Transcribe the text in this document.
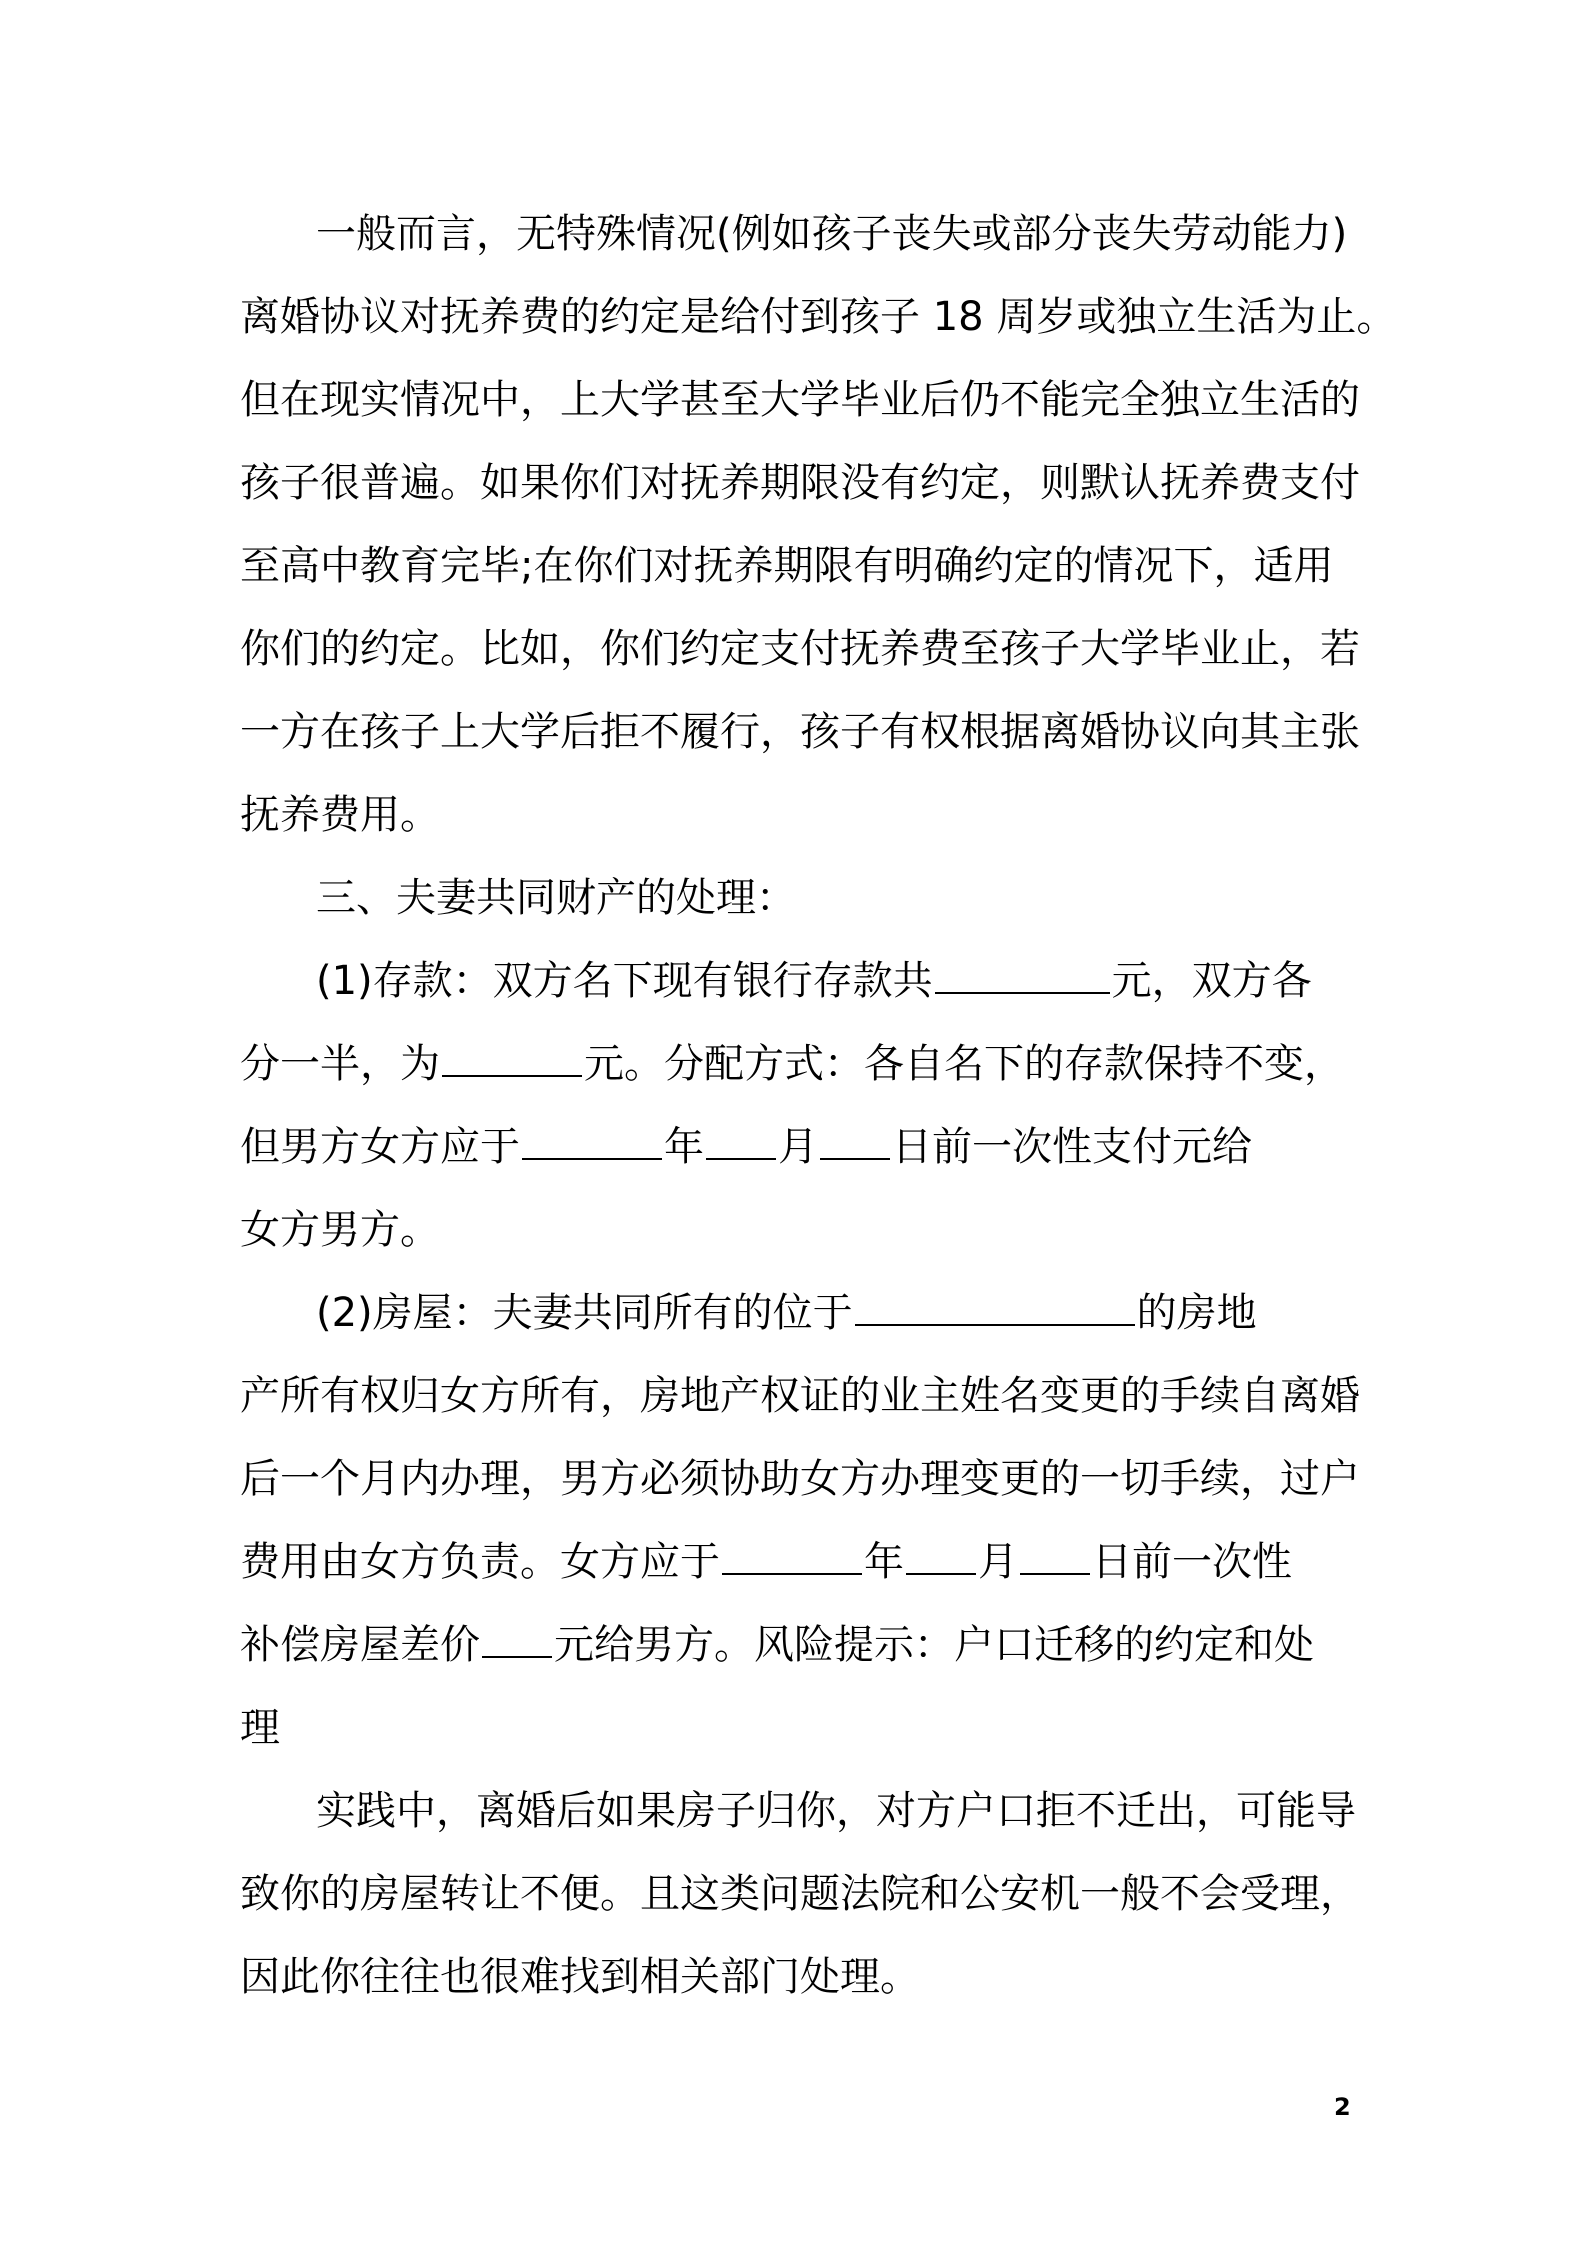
一般而言，无特殊情况(例如孩子丧失或部分丧失劳动能力)
离婚协议对抚养费的约定是给付到孩子 18 周岁或独立生活为止。
但在现实情况中，上大学甚至大学毕业后仍不能完全独立生活的
孩子很普遍。如果你们对抚养期限没有约定，则默认抚养费支付
至高中教育完毕;在你们对抚养期限有明确约定的情况下，适用
你们的约定。比如，你们约定支付抚养费至孩子大学毕业止，若
一方在孩子上大学后拒不履行，孩子有权根据离婚协议向其主张
抚养费用。
三、夫妻共同财产的处理：
(1)存款：双方名下现有银行存款共	元，双方各
分一半，为	元。分配方式：各自名下的存款保持不变，
但男方女方应于	年 月 日前一次性支付元给
女方男方。
(2)房屋：夫妻共同所有的位于	的房地
产所有权归女方所有，房地产权证的业主姓名变更的手续自离婚
后一个月内办理，男方必须协助女方办理变更的一切手续，过户
费用由女方负责。女方应于	年 月 日前一次性
补偿房屋差价 元给男方。风险提示：户口迁移的约定和处
理
实践中，离婚后如果房子归你，对方户口拒不迁出，可能导
致你的房屋转让不便。且这类问题法院和公安机一般不会受理，
因此你往往也很难找到相关部门处理。
2
